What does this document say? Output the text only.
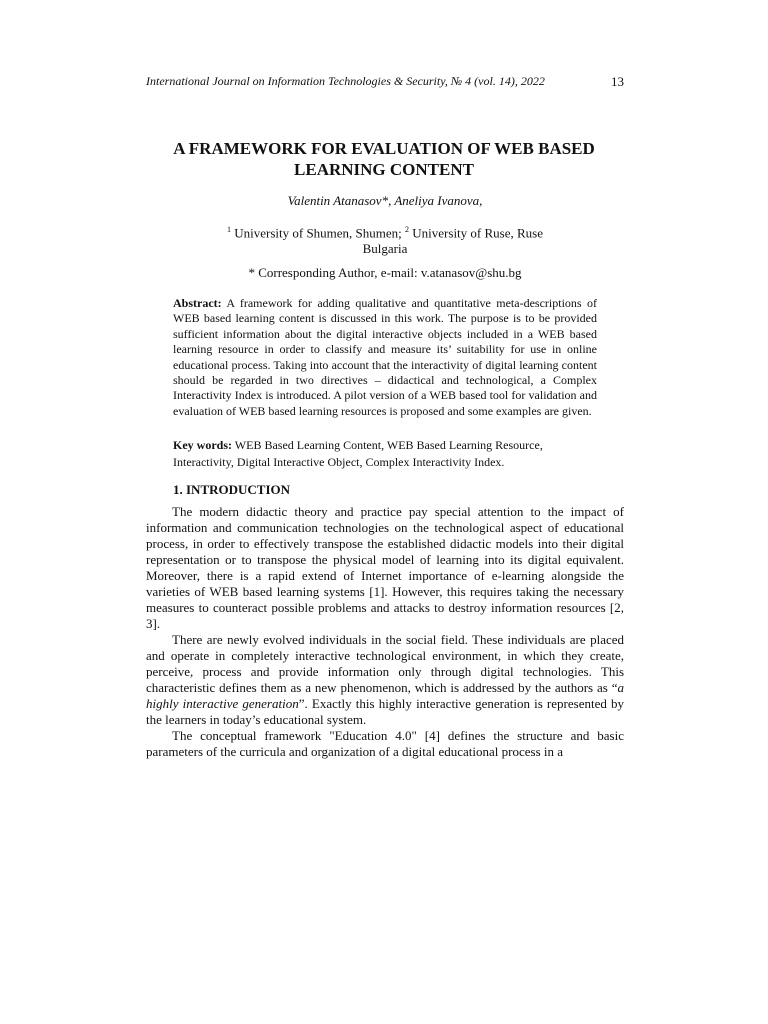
International Journal on Information Technologies & Security, № 4 (vol. 14), 2022	13
A FRAMEWORK FOR EVALUATION OF WEB BASED
LEARNING CONTENT
Valentin Atanasov*, Aneliya Ivanova,
$^1$ University of Shumen, Shumen; $^2$ University of Ruse, Ruse
Bulgaria
* Corresponding Author, e-mail: v.atanasov@shu.bg
Abstract: A framework for adding qualitative and quantitative meta-descriptions of WEB based learning content is discussed in this work. The purpose is to be provided sufficient information about the digital interactive objects included in a WEB based learning resource in order to classify and measure its’ suitability for use in online educational process. Taking into account that the interactivity of digital learning content should be regarded in two directives – didactical and technological, a Complex Interactivity Index is introduced. A pilot version of a WEB based tool for validation and evaluation of WEB based learning resources is proposed and some examples are given.
Key words: WEB Based Learning Content, WEB Based Learning Resource, Interactivity, Digital Interactive Object, Complex Interactivity Index.
1. INTRODUCTION

The modern didactic theory and practice pay special attention to the impact of information and communication technologies on the technological aspect of educational process, in order to effectively transpose the established didactic models into their digital representation or to transpose the physical model of learning into its digital equivalent. Moreover, there is a rapid extend of Internet importance of e-learning alongside the varieties of WEB based learning systems [1]. However, this requires taking the necessary measures to counteract possible problems and attacks to destroy information resources [2, 3].

There are newly evolved individuals in the social field. These individuals are placed and operate in completely interactive technological environment, in which they create, perceive, process and provide information only through digital technologies. This characteristic defines them as a new phenomenon, which is addressed by the authors as “a highly interactive generation”. Exactly this highly interactive generation is represented by the learners in today’s educational system.

The conceptual framework "Education 4.0" [4] defines the structure and basic parameters of the curricula and organization of a digital educational process in a
